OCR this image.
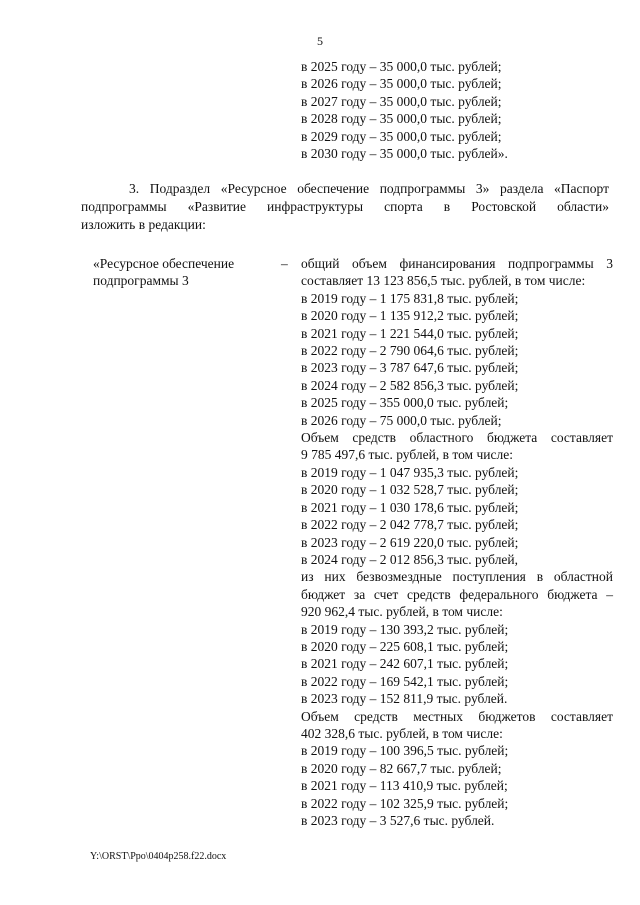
5
в 2025 году – 35 000,0 тыс. рублей;
в 2026 году – 35 000,0 тыс. рублей;
в 2027 году – 35 000,0 тыс. рублей;
в 2028 году – 35 000,0 тыс. рублей;
в 2029 году – 35 000,0 тыс. рублей;
в 2030 году – 35 000,0 тыс. рублей».
3. Подраздел «Ресурсное обеспечение подпрограммы 3» раздела «Паспорт
подпрограммы «Развитие инфраструктуры спорта в Ростовской области»
изложить в редакции:
«Ресурсное обеспечение
подпрограммы 3
– общий объем финансирования подпрограммы 3
составляет 13 123 856,5 тыс. рублей, в том числе:
в 2019 году – 1 175 831,8 тыс. рублей;
в 2020 году – 1 135 912,2 тыс. рублей;
в 2021 году – 1 221 544,0 тыс. рублей;
в 2022 году – 2 790 064,6 тыс. рублей;
в 2023 году – 3 787 647,6 тыс. рублей;
в 2024 году – 2 582 856,3 тыс. рублей;
в 2025 году – 355 000,0 тыс. рублей;
в 2026 году – 75 000,0 тыс. рублей;
Объем средств областного бюджета составляет
9 785 497,6 тыс. рублей, в том числе:
в 2019 году – 1 047 935,3 тыс. рублей;
в 2020 году – 1 032 528,7 тыс. рублей;
в 2021 году – 1 030 178,6 тыс. рублей;
в 2022 году – 2 042 778,7 тыс. рублей;
в 2023 году – 2 619 220,0 тыс. рублей;
в 2024 году – 2 012 856,3 тыс. рублей,
из них безвозмездные поступления в областной
бюджет за счет средств федерального бюджета –
920 962,4 тыс. рублей, в том числе:
в 2019 году – 130 393,2 тыс. рублей;
в 2020 году – 225 608,1 тыс. рублей;
в 2021 году – 242 607,1 тыс. рублей;
в 2022 году – 169 542,1 тыс. рублей;
в 2023 году – 152 811,9 тыс. рублей.
Объем средств местных бюджетов составляет
402 328,6 тыс. рублей, в том числе:
в 2019 году – 100 396,5 тыс. рублей;
в 2020 году – 82 667,7 тыс. рублей;
в 2021 году – 113 410,9 тыс. рублей;
в 2022 году – 102 325,9 тыс. рублей;
в 2023 году – 3 527,6 тыс. рублей.
Y:\ORST\Ppo\0404p258.f22.docx
